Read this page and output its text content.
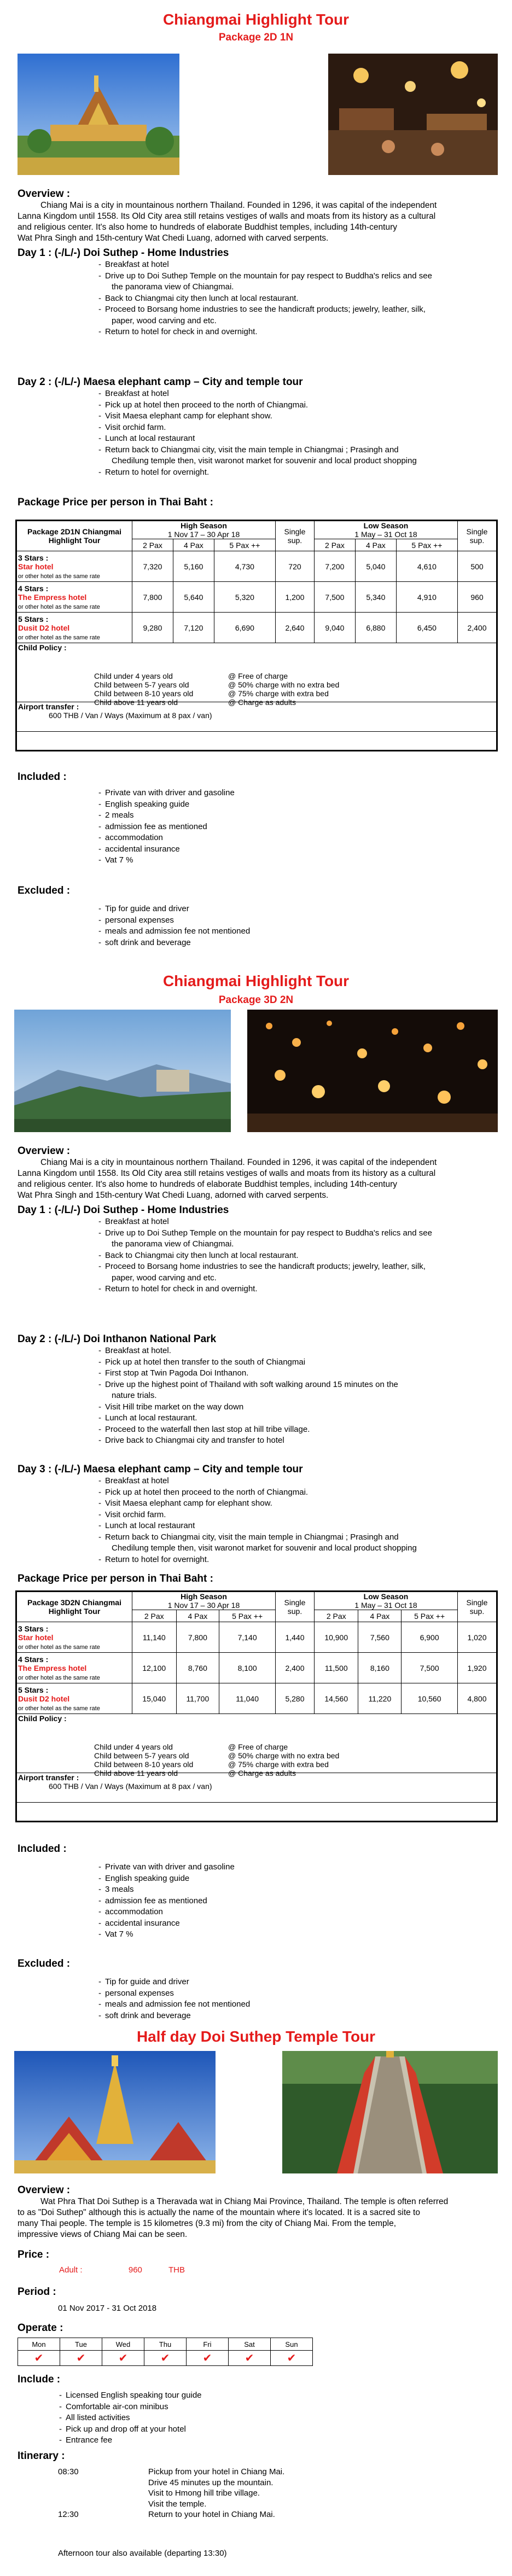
Chiangmai Highlight Tour
Package 2D 1N
Overview :
Chiang Mai is a city in mountainous northern Thailand. Founded in 1296, it was capital of the independent
Lanna Kingdom until 1558. Its Old City area still retains vestiges of walls and moats from its history as a cultural
and religious center. It's also home to hundreds of elaborate Buddhist temples, including 14th-century
Wat Phra Singh and 15th-century Wat Chedi Luang, adorned with carved serpents.
Day 1 : (-/L/-) Doi Suthep - Home Industries
- Breakfast at hotel
- Drive up to Doi Suthep Temple on the mountain for pay respect to Buddha's relics and see
the panorama view of Chiangmai.
- Back to Chiangmai city then lunch at local restaurant.
- Proceed to Borsang home industries to see the handicraft products; jewelry, leather, silk,
paper, wood carving and etc.
- Return to hotel for check in and overnight.
Day 2 : (-/L/-) Maesa elephant camp – City and temple tour
- Breakfast at hotel
- Pick up at hotel then proceed to the north of Chiangmai.
- Visit Maesa elephant camp for elephant show.
- Visit orchid farm.
- Lunch at local restaurant
- Return back to Chiangmai city, visit the main temple in Chiangmai ; Prasingh and
Chedilung temple then, visit waronot market for souvenir and local product shopping
- Return to hotel for overnight.
Package Price per person in Thai Baht :
Package 2D1N Chiangmai Highlight Tour	High Season
1 Nov 17 – 30 Apr 18			Single sup.	Low Season
1 May – 31 Oct 18			Single sup.
	2 Pax	4 Pax	5 Pax ++		2 Pax	4 Pax	5 Pax ++	
3 Stars :
Star hotel
or other hotel as the same rate	7,320	5,160	4,730	720	7,200	5,040	4,610	500
4 Stars :
The Empress hotel
or other hotel as the same rate	7,800	5,640	5,320	1,200	7,500	5,340	4,910	960
5 Stars :
Dusit D2 hotel
or other hotel as the same rate	9,280	7,120	6,690	2,640	9,040	6,880	6,450	2,400
Child Policy :								
Airport transfer :
600 THB / Van / Ways (Maximum at 8 pax / van)								
Child under 4 years old	@ Free of charge
Child between 5-7 years old	@ 50% charge with no extra bed
Child between 8-10 years old	@ 75% charge with extra bed
Child above 11 years old	@ Charge as adults
Included :
- Private van with driver and gasoline
- English speaking guide
- 2 meals
- admission fee as mentioned
- accommodation
- accidental insurance
- Vat 7 %
Excluded :
- Tip for guide and driver
- personal expenses
- meals and admission fee not mentioned
- soft drink and beverage
Chiangmai Highlight Tour
Package 3D 2N
Overview :
Chiang Mai is a city in mountainous northern Thailand. Founded in 1296, it was capital of the independent
Lanna Kingdom until 1558. Its Old City area still retains vestiges of walls and moats from its history as a cultural
and religious center. It's also home to hundreds of elaborate Buddhist temples, including 14th-century
Wat Phra Singh and 15th-century Wat Chedi Luang, adorned with carved serpents.
Day 1 : (-/L/-) Doi Suthep - Home Industries
- Breakfast at hotel
- Drive up to Doi Suthep Temple on the mountain for pay respect to Buddha's relics and see
the panorama view of Chiangmai.
- Back to Chiangmai city then lunch at local restaurant.
- Proceed to Borsang home industries to see the handicraft products; jewelry, leather, silk,
paper, wood carving and etc.
- Return to hotel for check in and overnight.
Day 2 : (-/L/-) Doi Inthanon National Park
- Breakfast at hotel.
- Pick up at hotel then transfer to the south of Chiangmai
- First stop at Twin Pagoda Doi Inthanon.
- Drive up the highest point of Thailand with soft walking around 15 minutes on the
nature trials.
- Visit Hill tribe market on the way down
- Lunch at local restaurant.
- Proceed to the waterfall then last stop at hill tribe village.
- Drive back to Chiangmai city and transfer to hotel
Day 3 : (-/L/-) Maesa elephant camp – City and temple tour
- Breakfast at hotel
- Pick up at hotel then proceed to the north of Chiangmai.
- Visit Maesa elephant camp for elephant show.
- Visit orchid farm.
- Lunch at local restaurant
- Return back to Chiangmai city, visit the main temple in Chiangmai ; Prasingh and
Chedilung temple then, visit waronot market for souvenir and local product shopping
- Return to hotel for overnight.
Package Price per person in Thai Baht :
Package 3D2N Chiangmai Highlight Tour	High Season
1 Nov 17 – 30 Apr 18			Single sup.	Low Season
1 May – 31 Oct 18			Single sup.
	2 Pax	4 Pax	5 Pax ++		2 Pax	4 Pax	5 Pax ++	
3 Stars :
Star hotel
or other hotel as the same rate	11,140	7,800	7,140	1,440	10,900	7,560	6,900	1,020
4 Stars :
The Empress hotel
or other hotel as the same rate	12,100	8,760	8,100	2,400	11,500	8,160	7,500	1,920
5 Stars :
Dusit D2 hotel
or other hotel as the same rate	15,040	11,700	11,040	5,280	14,560	11,220	10,560	4,800
Child Policy :								
Airport transfer :
600 THB / Van / Ways (Maximum at 8 pax / van)								
Child under 4 years old	@ Free of charge
Child between 5-7 years old	@ 50% charge with no extra bed
Child between 8-10 years old	@ 75% charge with extra bed
Child above 11 years old	@ Charge as adults
Included :
- Private van with driver and gasoline
- English speaking guide
- 3 meals
- admission fee as mentioned
- accommodation
- accidental insurance
- Vat 7 %
Excluded :
- Tip for guide and driver
- personal expenses
- meals and admission fee not mentioned
- soft drink and beverage
Half day Doi Suthep Temple Tour
Overview :
Wat Phra That Doi Suthep is a Theravada wat in Chiang Mai Province, Thailand. The temple is often referred
to as "Doi Suthep" although this is actually the name of the mountain where it's located. It is a sacred site to
many Thai people. The temple is 15 kilometres (9.3 mi) from the city of Chiang Mai. From the temple,
impressive views of Chiang Mai can be seen.
Price :
Adult :	960	THB
Period :
01 Nov 2017 - 31 Oct 2018
Operate :
Mon	Tue	Wed	Thu	Fri	Sat	Sun
✔	✔	✔	✔	✔	✔	✔
Include :
- Licensed English speaking tour guide
- Comfortable air-con minibus
- All listed activities
- Pick up and drop off at your hotel
- Entrance fee
Itinerary :
08:30	Pickup from your hotel in Chiang Mai.
Drive 45 minutes up the mountain.
Visit to Hmong hill tribe village.
Visit the temple.
12:30	Return to your hotel in Chiang Mai.
Afternoon tour also available (departing 13:30)
